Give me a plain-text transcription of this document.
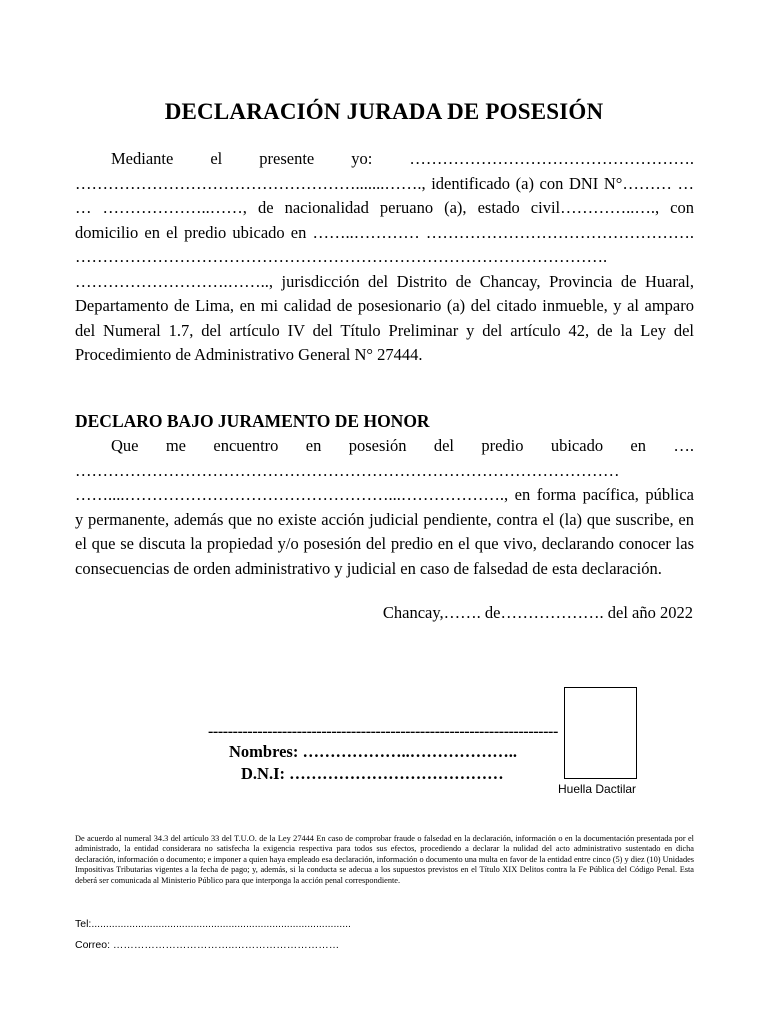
DECLARACIÓN JURADA DE POSESIÓN
Mediante el presente yo: ……………………………………………. …………………………………………….......……., identificado (a) con DNI N°……… … … ………………..……, de nacionalidad peruano (a), estado civil…………..…., con domicilio en el predio ubicado en ……..………… …………………………………………. ……………………………………………………………………………………. ……………………….…….., jurisdicción del Distrito de Chancay, Provincia de Huaral, Departamento de Lima, en mi calidad de posesionario (a) del citado inmueble, y al amparo del Numeral 1.7, del artículo IV del Título Preliminar y del artículo 42, de la Ley del Procedimiento de Administrativo General N° 27444.
DECLARO BAJO JURAMENTO DE HONOR
Que me encuentro en posesión del predio ubicado en …. ……………………………………………………………………………………… ……....…………………………………………...………………., en forma pacífica, pública y permanente, además que no existe acción judicial pendiente, contra el (la) que suscribe, en el que se discuta la propiedad y/o posesión del predio en el que vivo, declarando conocer las consecuencias de orden administrativo y judicial en caso de falsedad de esta declaración.
Chancay,……. de………………. del año 2022
-----------------------------------------------------------------------
Nombres: ………………..………………..
D.N.I: …………………………………
Huella Dactilar
De acuerdo al numeral 34.3 del artículo 33 del T.U.O. de la Ley 27444 En caso de comprobar fraude o falsedad en la declaración, información o en la documentación presentada por el administrado, la entidad considerara no satisfecha la exigencia respectiva para todos sus efectos, procediendo a declarar la nulidad del acto administrativo sustentado en dicha declaración, información o documento; e imponer a quien haya empleado esa declaración, información o documento una multa en favor de la entidad entre cinco (5) y diez (10) Unidades Impositivas Tributarias vigentes a la fecha de pago; y, además, si la conducta se adecua a los supuestos previstos en el Título XIX Delitos contra la Fe Pública del Código Penal. Esta deberá ser comunicada al Ministerio Público para que interponga la acción penal correspondiente.
Tel:.........................................................................................
Correo: ……………………………..…………………………
